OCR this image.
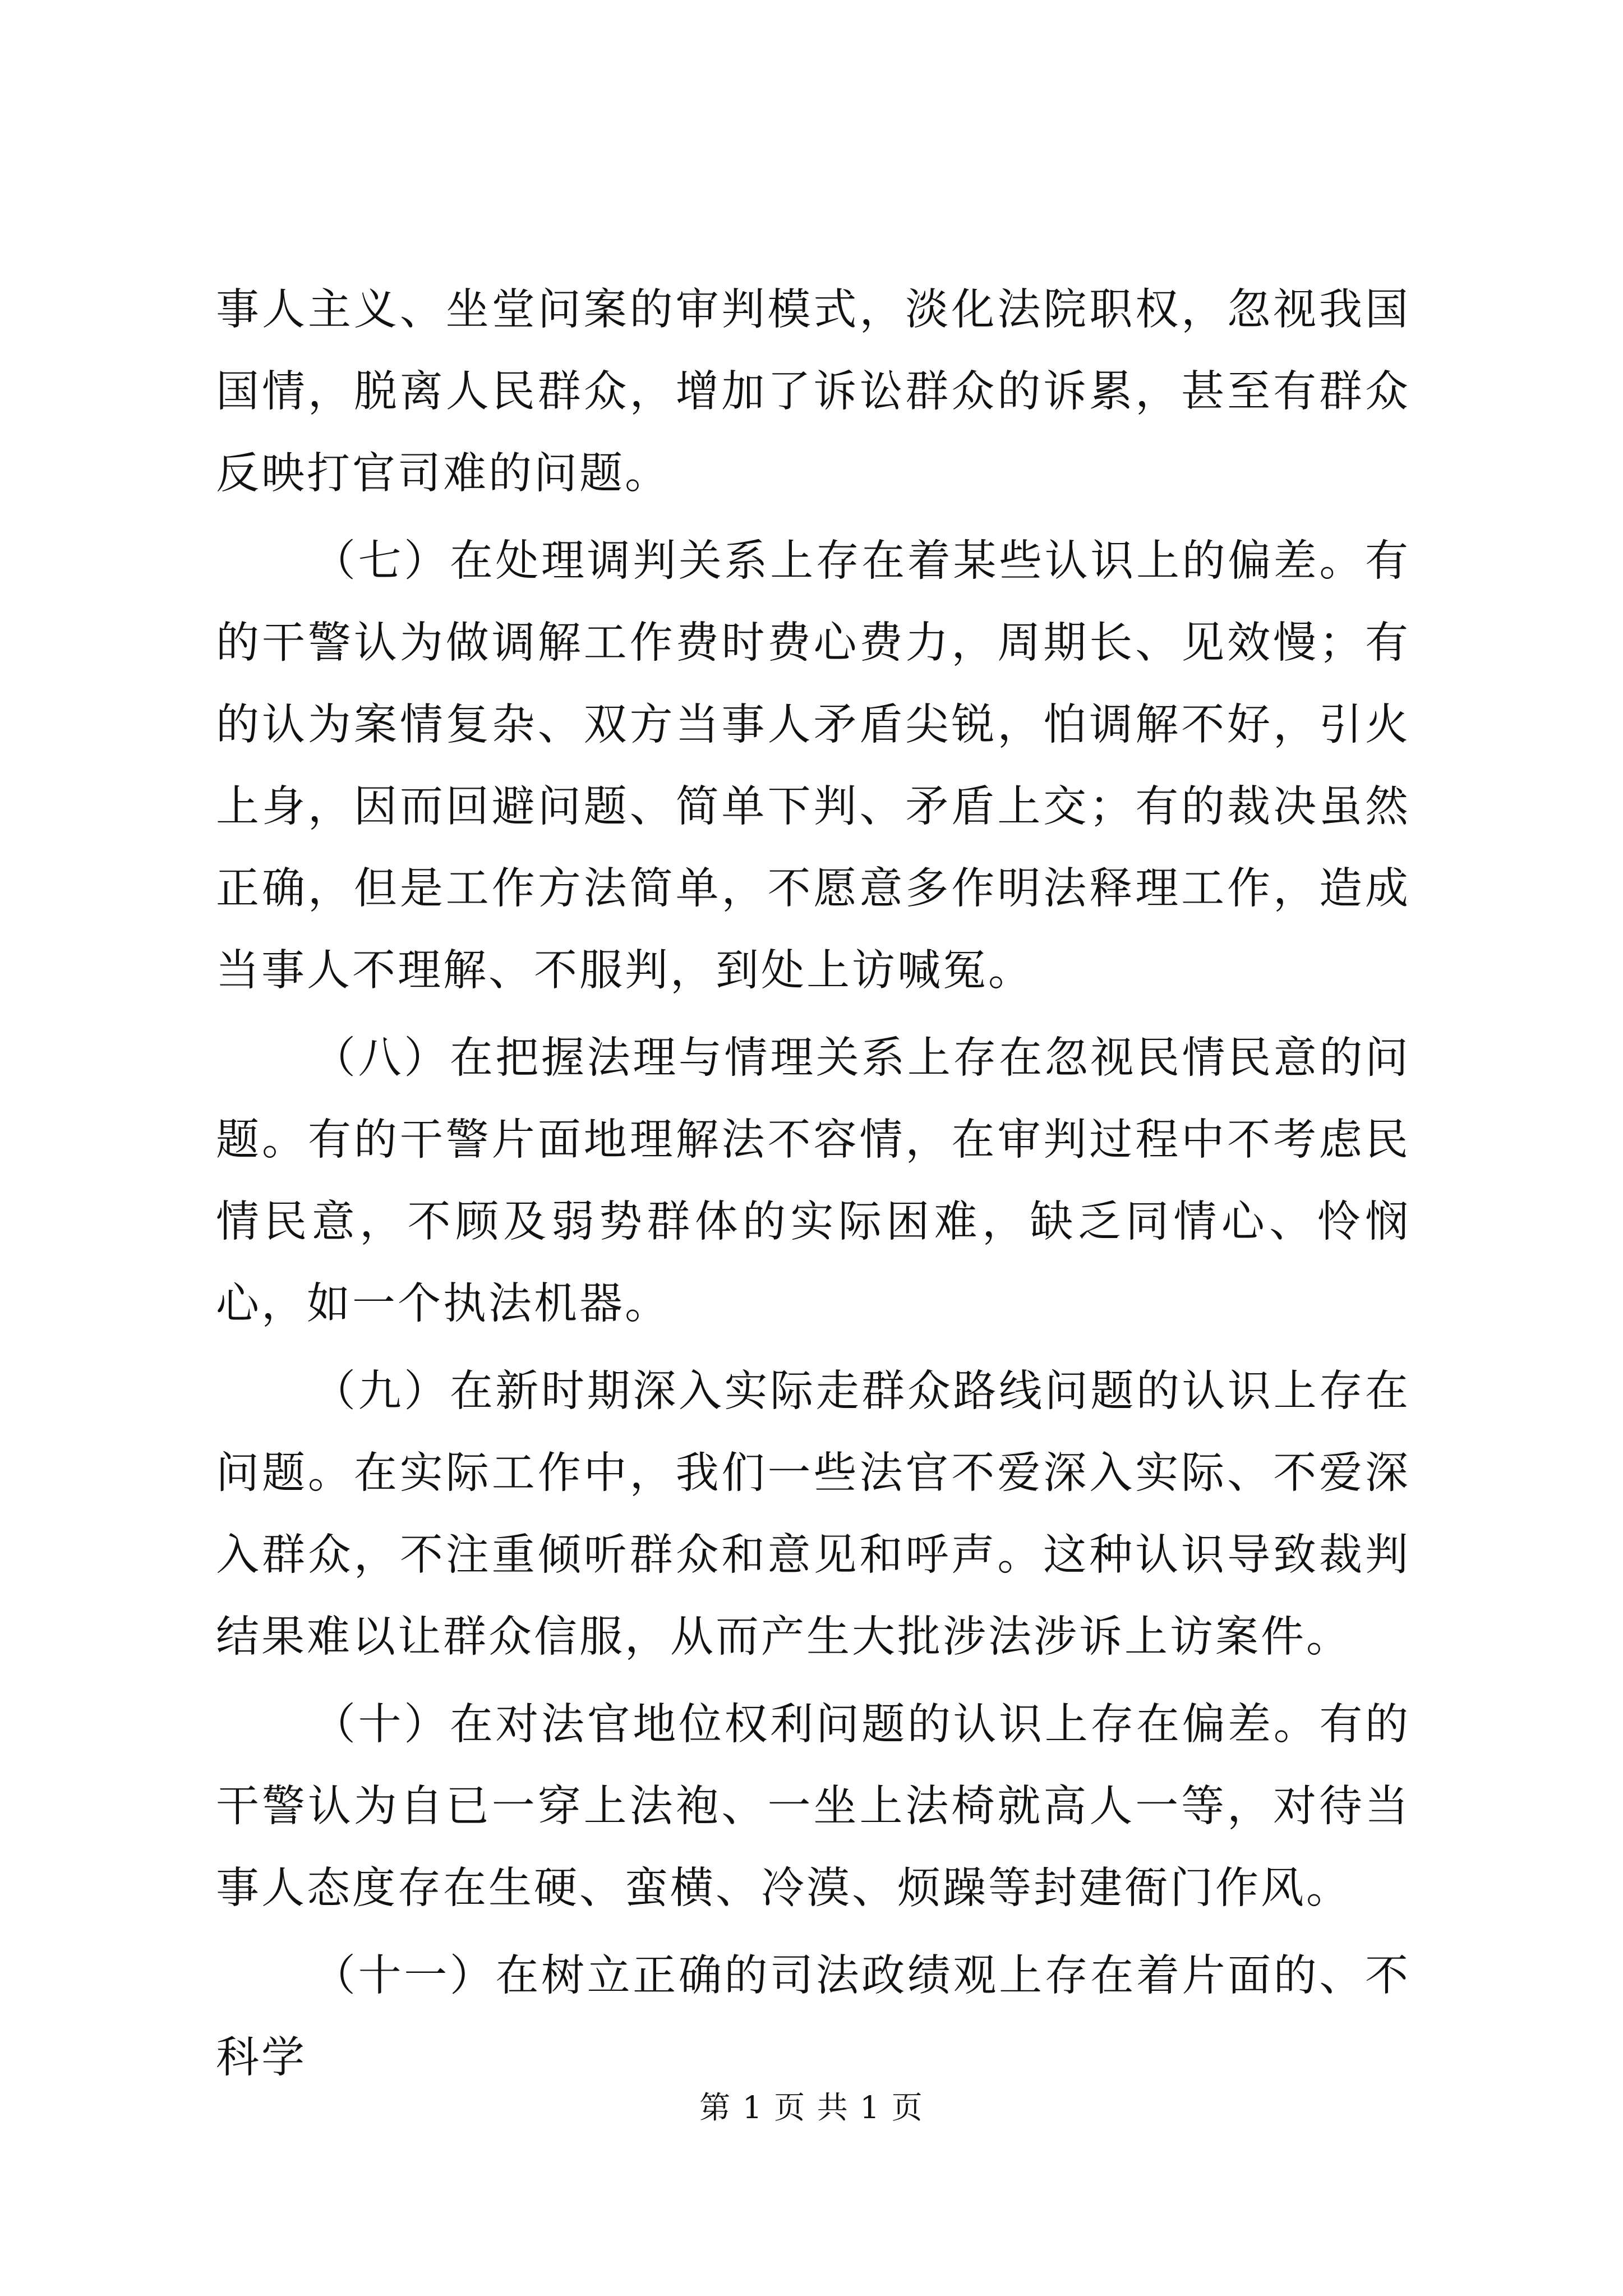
事人主义、坐堂问案的审判模式，淡化法院职权，忽视我国国情，脱离人民群众，增加了诉讼群众的诉累，甚至有群众反映打官司难的问题。

（七）在处理调判关系上存在着某些认识上的偏差。有的干警认为做调解工作费时费心费力，周期长、见效慢；有的认为案情复杂、双方当事人矛盾尖锐，怕调解不好，引火上身，因而回避问题、简单下判、矛盾上交；有的裁决虽然正确，但是工作方法简单，不愿意多作明法释理工作，造成当事人不理解、不服判，到处上访喊冤。

（八）在把握法理与情理关系上存在忽视民情民意的问题。有的干警片面地理解法不容情，在审判过程中不考虑民情民意，不顾及弱势群体的实际困难，缺乏同情心、怜悯心，如一个执法机器。

（九）在新时期深入实际走群众路线问题的认识上存在问题。在实际工作中，我们一些法官不爱深入实际、不爱深入群众，不注重倾听群众和意见和呼声。这种认识导致裁判结果难以让群众信服，从而产生大批涉法涉诉上访案件。

（十）在对法官地位权利问题的认识上存在偏差。有的干警认为自已一穿上法袍、一坐上法椅就高人一等，对待当事人态度存在生硬、蛮横、冷漠、烦躁等封建衙门作风。

（十一）在树立正确的司法政绩观上存在着片面的、不科学

第 1 页 共 1 页
